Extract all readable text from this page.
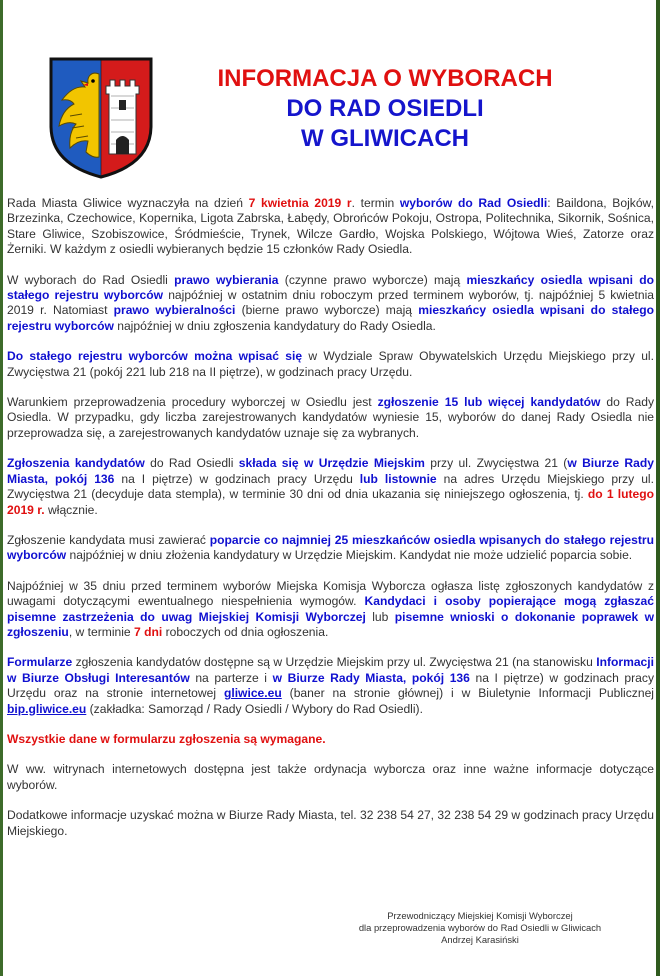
INFORMACJA O WYBORACH
DO RAD OSIEDLI
W GLIWICACH

Rada Miasta Gliwice wyznaczyła na dzień 7 kwietnia 2019 r. termin wyborów do Rad Osiedli: Baildona, Bojków, Brzezinka, Czechowice, Kopernika, Ligota Zabrska, Łabędy, Obrońców Pokoju, Ostropa, Politechnika, Sikornik, Sośnica, Stare Gliwice, Szobiszowice, Śródmieście, Trynek, Wilcze Gardło, Wojska Polskiego, Wójtowa Wieś, Zatorze oraz Żerniki. W każdym z osiedli wybieranych będzie 15 członków Rady Osiedla.

W wyborach do Rad Osiedli prawo wybierania (czynne prawo wyborcze) mają mieszkańcy osiedla wpisani do stałego rejestru wyborców najpóźniej w ostatnim dniu roboczym przed terminem wyborów, tj. najpóźniej 5 kwietnia 2019 r. Natomiast prawo wybieralności (bierne prawo wyborcze) mają mieszkańcy osiedla wpisani do stałego rejestru wyborców najpóźniej w dniu zgłoszenia kandydatury do Rady Osiedla.

Do stałego rejestru wyborców można wpisać się w Wydziale Spraw Obywatelskich Urzędu Miejskiego przy ul. Zwycięstwa 21 (pokój 221 lub 218 na II piętrze), w godzinach pracy Urzędu.

Warunkiem przeprowadzenia procedury wyborczej w Osiedlu jest zgłoszenie 15 lub więcej kandydatów do Rady Osiedla. W przypadku, gdy liczba zarejestrowanych kandydatów wyniesie 15, wyborów do danej Rady Osiedla nie przeprowadza się, a zarejestrowanych kandydatów uznaje się za wybranych.

Zgłoszenia kandydatów do Rad Osiedli składa się w Urzędzie Miejskim przy ul. Zwycięstwa 21 (w Biurze Rady Miasta, pokój 136 na I piętrze) w godzinach pracy Urzędu lub listownie na adres Urzędu Miejskiego przy ul. Zwycięstwa 21 (decyduje data stempla), w terminie 30 dni od dnia ukazania się niniejszego ogłoszenia, tj. do 1 lutego 2019 r. włącznie.

Zgłoszenie kandydata musi zawierać poparcie co najmniej 25 mieszkańców osiedla wpisanych do stałego rejestru wyborców najpóźniej w dniu złożenia kandydatury w Urzędzie Miejskim. Kandydat nie może udzielić poparcia sobie.

Najpóźniej w 35 dniu przed terminem wyborów Miejska Komisja Wyborcza ogłasza listę zgłoszonych kandydatów z uwagami dotyczącymi ewentualnego niespełnienia wymogów. Kandydaci i osoby popierające mogą zgłaszać pisemne zastrzeżenia do uwag Miejskiej Komisji Wyborczej lub pisemne wnioski o dokonanie poprawek w zgłoszeniu, w terminie 7 dni roboczych od dnia ogłoszenia.

Formularze zgłoszenia kandydatów dostępne są w Urzędzie Miejskim przy ul. Zwycięstwa 21 (na stanowisku Informacji w Biurze Obsługi Interesantów na parterze i w Biurze Rady Miasta, pokój 136 na I piętrze) w godzinach pracy Urzędu oraz na stronie internetowej gliwice.eu (baner na stronie głównej) i w Biuletynie Informacji Publicznej bip.gliwice.eu (zakładka: Samorząd / Rady Osiedli / Wybory do Rad Osiedli).

Wszystkie dane w formularzu zgłoszenia są wymagane.

W ww. witrynach internetowych dostępna jest także ordynacja wyborcza oraz inne ważne informacje dotyczące wyborów.

Dodatkowe informacje uzyskać można w Biurze Rady Miasta, tel. 32 238 54 27, 32 238 54 29 w godzinach pracy Urzędu Miejskiego.

Przewodniczący Miejskiej Komisji Wyborczej
dla przeprowadzenia wyborów do Rad Osiedli w Gliwicach
Andrzej Karasiński
